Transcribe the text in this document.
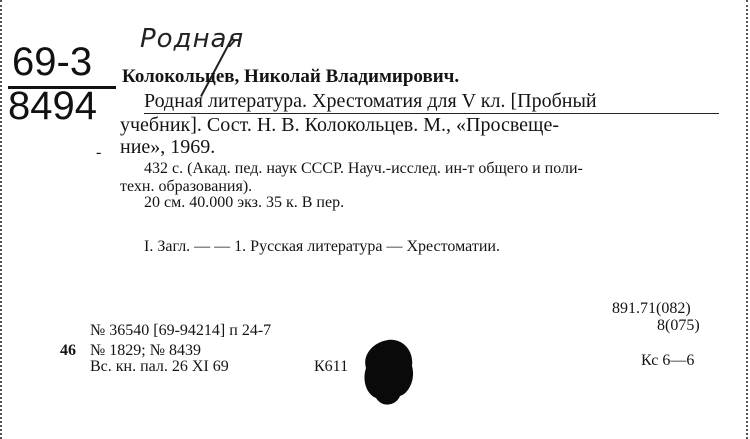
69-3
8494
Родная
Колокольцев, Николай Владимирович.
Родная литература. Хрестоматия для V кл. [Пробный
учебник]. Сост. Н. В. Колокольцев. М., «Просвеще-
ние», 1969.
-
432 с. (Акад. пед. наук СССР. Науч.-исслед. ин-т общего и поли-
техн. образования).
20 см. 40.000 экз. 35 к. В пер.
I. Загл. — — 1. Русская литература — Хрестоматии.
891.71(082)
8(075)
Кс 6—6
№ 36540 [69-94214] п 24-7
46 № 1829; № 8439
Вс. кн. пал. 26 XI 69	К611
